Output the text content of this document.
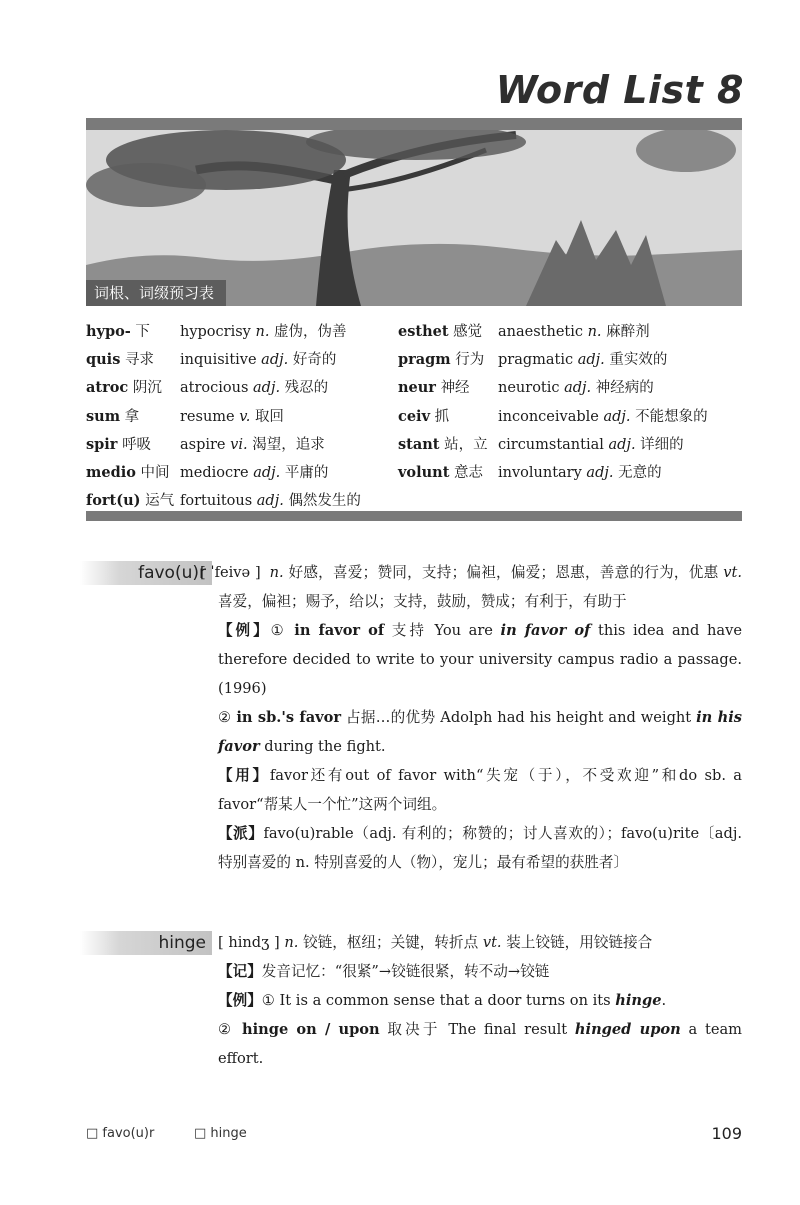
Word List 8
词根、词缀预习表
hypo- 下 hypocrisy n. 虚伪，伪善	esthet 感觉 anaesthetic n. 麻醉剂
quis 寻求 inquisitive adj. 好奇的	pragm 行为 pragmatic adj. 重实效的
atroc 阴沉 atrocious adj. 残忍的	neur 神经 neurotic adj. 神经病的
sum 拿	resume v. 取回	ceiv 抓	inconceivable adj. 不能想象的
spir 呼吸 aspire vi. 渴望，追求	stant 站，立 circumstantial adj. 详细的
medio 中间 mediocre adj. 平庸的	volunt 意志 involuntary adj. 无意的
fort(u) 运气 fortuitous adj. 偶然发生的
favo(u)r

[ ˈfeivə ] n. 好感，喜爱；赞同，支持；偏袒，偏爱；恩惠，善意的行为，优惠 vt. 喜爱，偏袒；赐予，给以；支持，鼓励，赞成；有利于，有助于

【例】① in favor of 支持 You are in favor of this idea and have therefore decided to write to your university campus radio a passage. (1996)

② in sb.'s favor 占据…的优势 Adolph had his height and weight in his favor during the fight.

【用】favor还有out of favor with“失宠（于），不受欢迎”和do sb. a favor“帮某人一个忙”这两个词组。

【派】favo(u)rable（adj. 有利的；称赞的；讨人喜欢的）；favo(u)rite〔adj. 特别喜爱的 n. 特别喜爱的人（物），宠儿；最有希望的获胜者〕

hinge [ hindʒ ] n. 铰链，枢纽；关键，转折点 vt. 装上铰链，用铰链接合

【记】发音记忆：“很紧”→铰链很紧，转不动→铰链

【例】① It is a common sense that a door turns on its hinge.

② hinge on / upon 取决于 The final result hinged upon a team effort.

□ favo(u)r	□ hinge	109
